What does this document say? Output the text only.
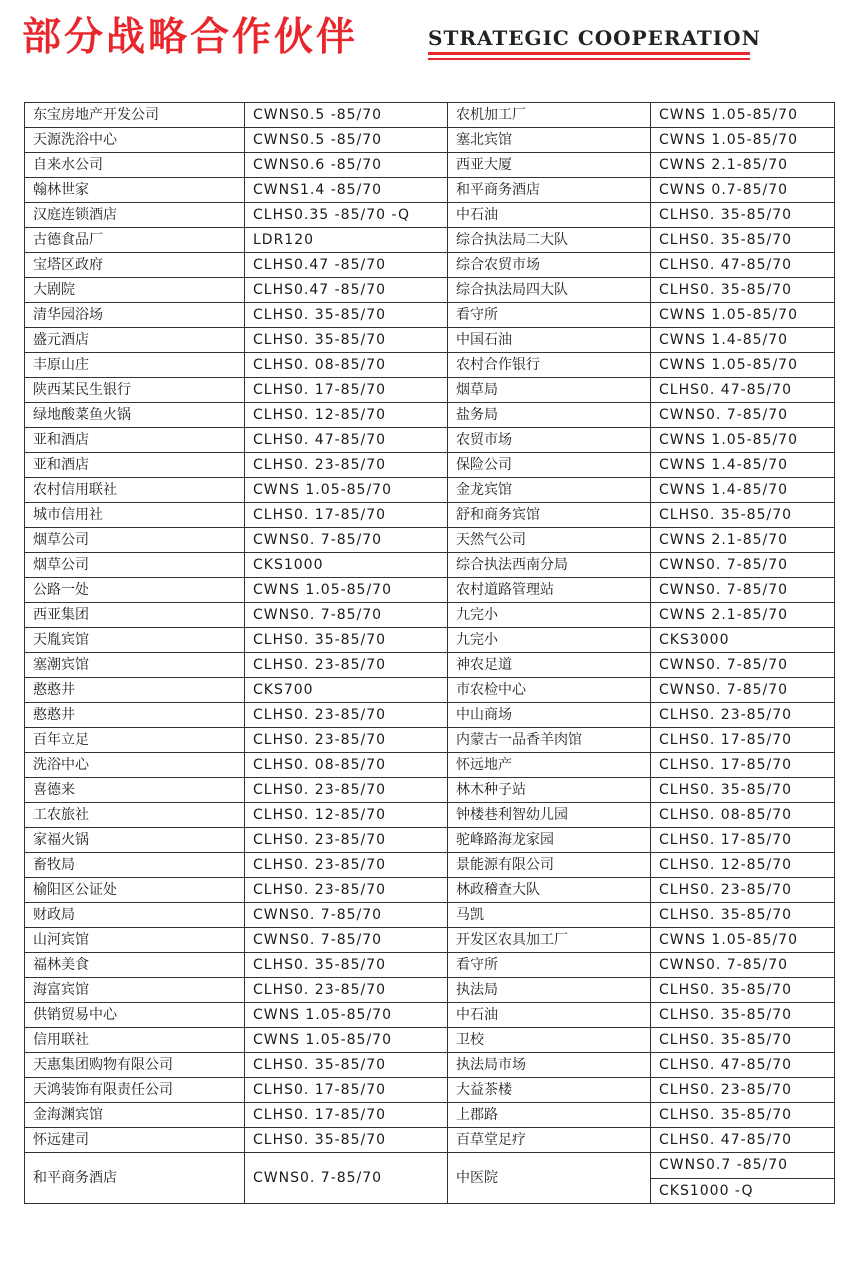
部分战略合作伙伴	STRATEGIC COOPERATION
东宝房地产开发公司	CWNS0.5 -85/70	农机加工厂	CWNS 1.05-85/70
天源洗浴中心	CWNS0.5 -85/70	塞北宾馆	CWNS 1.05-85/70
自来水公司	CWNS0.6 -85/70	西亚大厦	CWNS 2.1-85/70
翰林世家	CWNS1.4 -85/70	和平商务酒店	CWNS 0.7-85/70
汉庭连锁酒店	CLHS0.35 -85/70 -Q	中石油	CLHS0. 35-85/70
古德食品厂	LDR120	综合执法局二大队	CLHS0. 35-85/70
宝塔区政府	CLHS0.47 -85/70	综合农贸市场	CLHS0. 47-85/70
大剧院	CLHS0.47 -85/70	综合执法局四大队	CLHS0. 35-85/70
清华园浴场	CLHS0. 35-85/70	看守所	CWNS 1.05-85/70
盛元酒店	CLHS0. 35-85/70	中国石油	CWNS 1.4-85/70
丰原山庄	CLHS0. 08-85/70	农村合作银行	CWNS 1.05-85/70
陕西某民生银行	CLHS0. 17-85/70	烟草局	CLHS0. 47-85/70
绿地酸菜鱼火锅	CLHS0. 12-85/70	盐务局	CWNS0. 7-85/70
亚和酒店	CLHS0. 47-85/70	农贸市场	CWNS 1.05-85/70
亚和酒店	CLHS0. 23-85/70	保险公司	CWNS 1.4-85/70
农村信用联社	CWNS 1.05-85/70	金龙宾馆	CWNS 1.4-85/70
城市信用社	CLHS0. 17-85/70	舒和商务宾馆	CLHS0. 35-85/70
烟草公司	CWNS0. 7-85/70	天然气公司	CWNS 2.1-85/70
烟草公司	CKS1000	综合执法西南分局	CWNS0. 7-85/70
公路一处	CWNS 1.05-85/70	农村道路管理站	CWNS0. 7-85/70
西亚集团	CWNS0. 7-85/70	九完小	CWNS 2.1-85/70
天胤宾馆	CLHS0. 35-85/70	九完小	CKS3000
塞潮宾馆	CLHS0. 23-85/70	神农足道	CWNS0. 7-85/70
憨憨井	CKS700	市农检中心	CWNS0. 7-85/70
憨憨井	CLHS0. 23-85/70	中山商场	CLHS0. 23-85/70
百年立足	CLHS0. 23-85/70	内蒙古一品香羊肉馆	CLHS0. 17-85/70
洗浴中心	CLHS0. 08-85/70	怀远地产	CLHS0. 17-85/70
喜德来	CLHS0. 23-85/70	林木种子站	CLHS0. 35-85/70
工农旅社	CLHS0. 12-85/70	钟楼巷利智幼儿园	CLHS0. 08-85/70
家福火锅	CLHS0. 23-85/70	驼峰路海龙家园	CLHS0. 17-85/70
畜牧局	CLHS0. 23-85/70	景能源有限公司	CLHS0. 12-85/70
榆阳区公证处	CLHS0. 23-85/70	林政稽查大队	CLHS0. 23-85/70
财政局	CWNS0. 7-85/70	马凯	CLHS0. 35-85/70
山河宾馆	CWNS0. 7-85/70	开发区农具加工厂	CWNS 1.05-85/70
福林美食	CLHS0. 35-85/70	看守所	CWNS0. 7-85/70
海富宾馆	CLHS0. 23-85/70	执法局	CLHS0. 35-85/70
供销贸易中心	CWNS 1.05-85/70	中石油	CLHS0. 35-85/70
信用联社	CWNS 1.05-85/70	卫校	CLHS0. 35-85/70
天惠集团购物有限公司	CLHS0. 35-85/70	执法局市场	CLHS0. 47-85/70
天鸿装饰有限责任公司	CLHS0. 17-85/70	大益茶楼	CLHS0. 23-85/70
金海渊宾馆	CLHS0. 17-85/70	上郡路	CLHS0. 35-85/70
怀远建司	CLHS0. 35-85/70	百草堂足疗	CLHS0. 47-85/70
和平商务酒店	CWNS0. 7-85/70	中医院	CWNS0.7 -85/70
			CKS1000 -Q
